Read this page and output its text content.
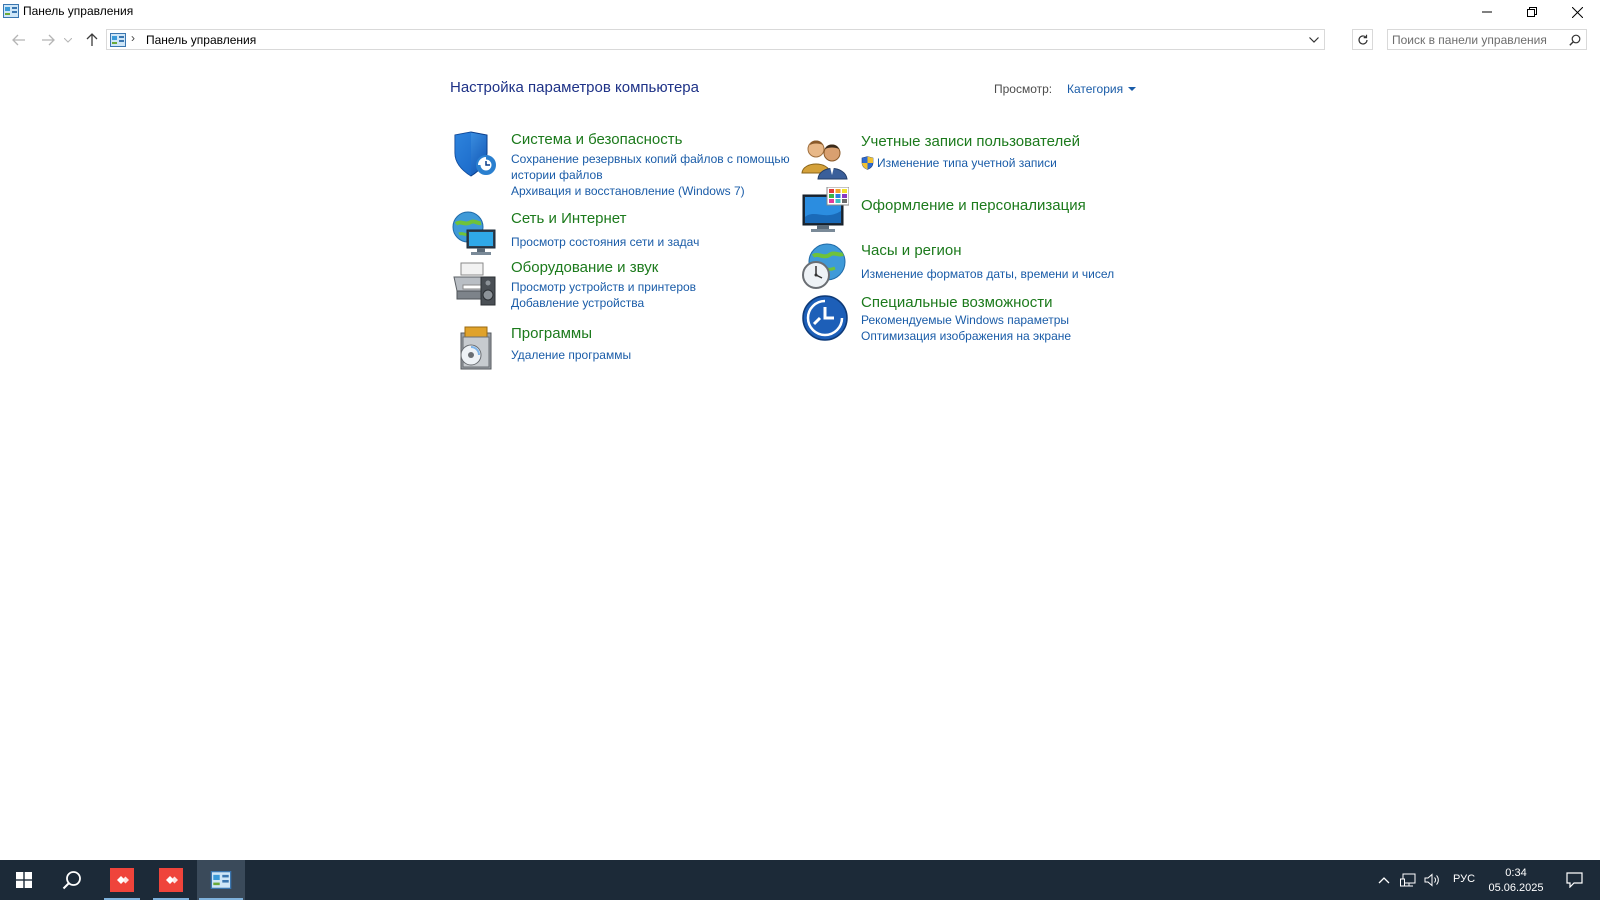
Панель управления
› Панель управления
Поиск в панели управления
Настройка параметров компьютера	Просмотр: Категория
Система и безопасность
Сохранение резервных копий файлов с помощью истории файлов
Архивация и восстановление (Windows 7)
Сеть и Интернет
Просмотр состояния сети и задач
Оборудование и звук
Просмотр устройств и принтеров
Добавление устройства
Программы
Удаление программы
Учетные записи пользователей
Изменение типа учетной записи
Оформление и персонализация
Часы и регион
Изменение форматов даты, времени и чисел
Специальные возможности
Рекомендуемые Windows параметры
Оптимизация изображения на экране
РУС	0:34
05.06.2025
